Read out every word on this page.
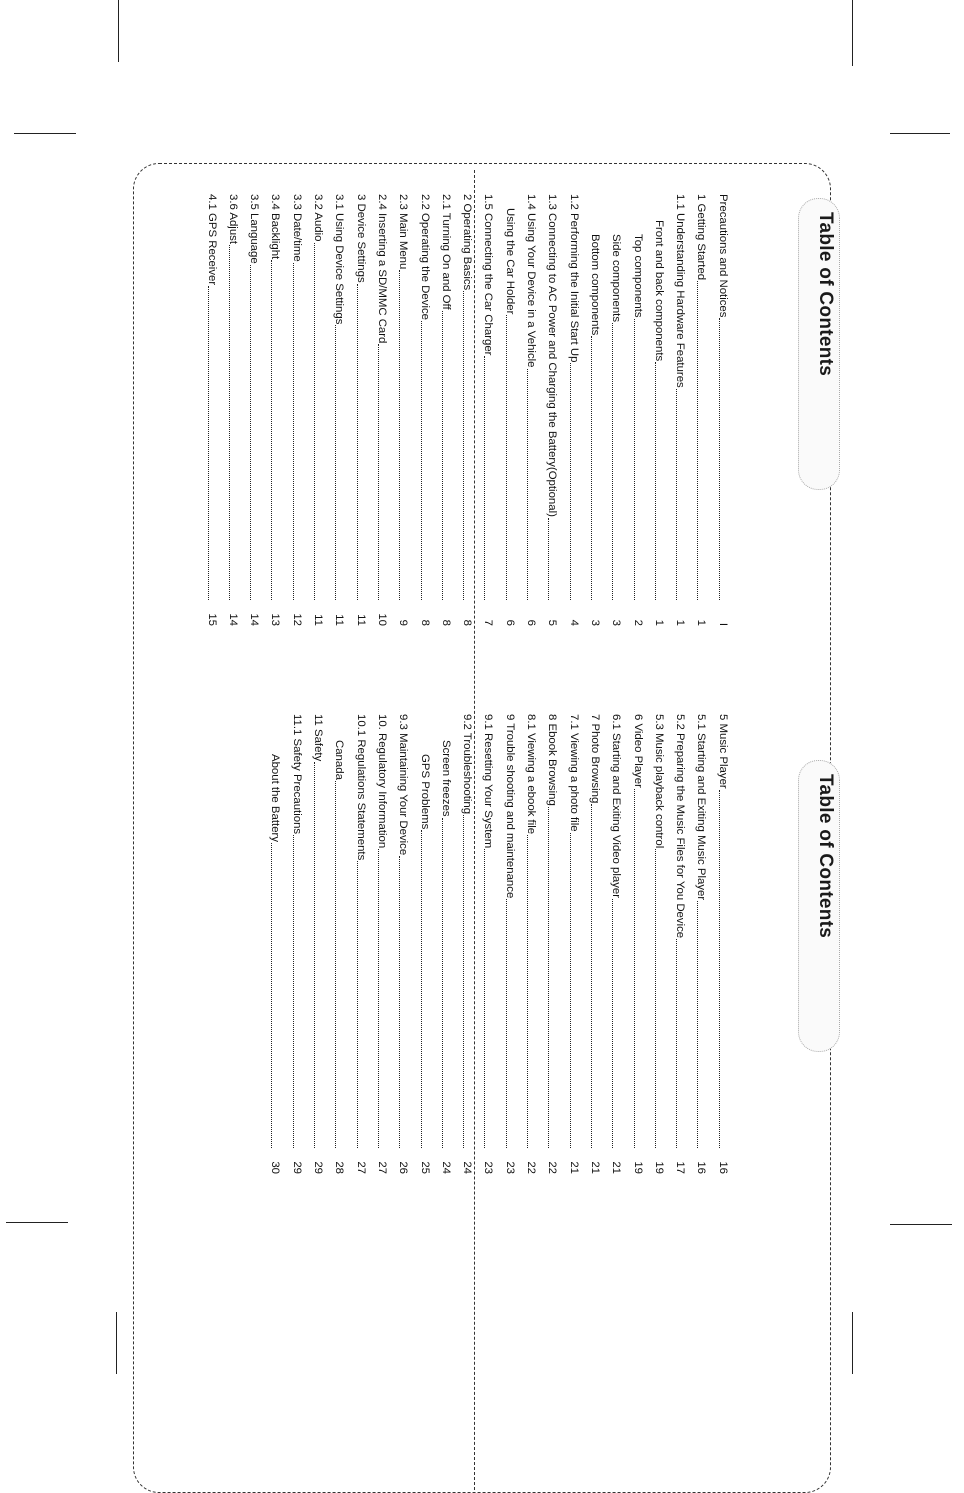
Table of Contents
Precautions and Notices
I
1 Getting Started
1
1.1 Understanding Hardware Features
1
Front and back components
1
Top components
2
Side components
3
Bottom components
3
1.2 Performing the Initial Start Up
4
1.3 Connecting to AC Power and Charging the Battery(Optional)
5
1.4 Using Your Device in a Vehicle
6
Using the Car Holder
6
1.5 Connecting the Car Charger
7
2 Operating Basics
8
2.1 Turning On and Off
8
2.2 Operating the Device
8
2.3 Main Menu
9
2.4 Inserting a SD/MMC Card
10
3 Device Settings
11
3.1 Using Device Settings
11
3.2 Audio
11
3.3 Date/time
12
3.4 Backlight
13
3.5 Language
14
3.6 Adjust
14
4.1 GPS Receiver
15
Table of Contents
5 Music Player
16
5.1 Starting and Exiting Music Player
16
5.2 Preparing the Music Files for You Device
17
5.3 Music playback control
19
6 Video Player
19
6.1 Starting and Exiting Video player
21
7 Photo Browsing
21
7.1 Viewing a photo file
21
8 Ebook Browsing
22
8.1 Viewing a ebook file
22
9 Trouble shooting and maintenance
23
9.1 Resetting Your System
23
9.2 Troubleshooting
24
Screen freezes
24
GPS Problems
25
9.3 Maintaining Your Device
26
10. Regulatory Information
27
10.1 Regulations Statements
27
Canada
28
11 Safety
29
11.1 Safety Precautions
29
About the Battery
30
